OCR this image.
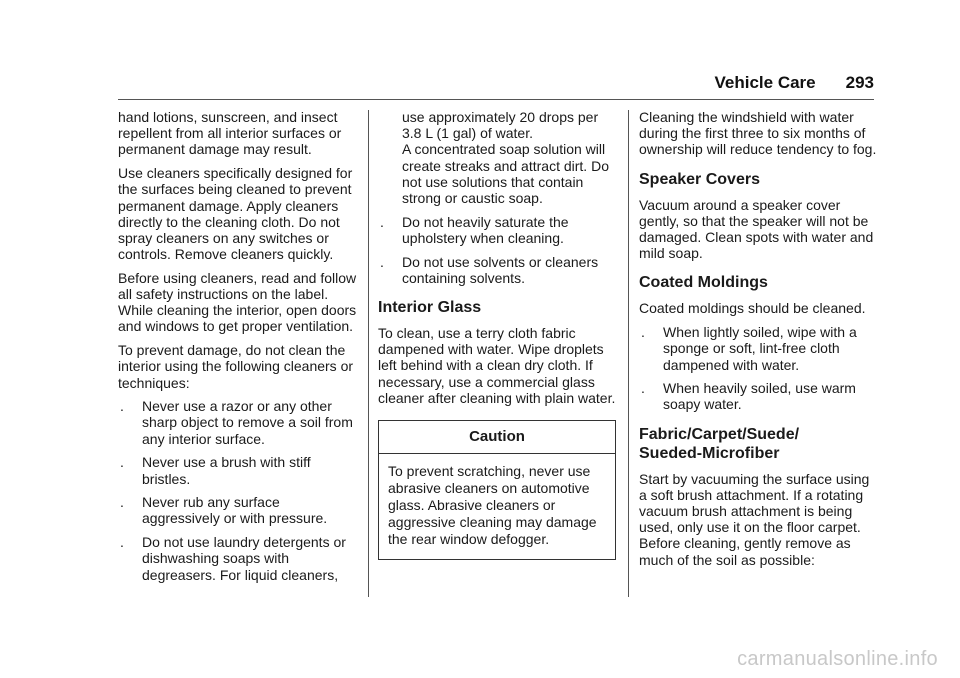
Vehicle Care 293

hand lotions, sunscreen, and insect repellent from all interior surfaces or permanent damage may result.

Use cleaners specifically designed for the surfaces being cleaned to prevent permanent damage. Apply cleaners directly to the cleaning cloth. Do not spray cleaners on any switches or controls. Remove cleaners quickly.

Before using cleaners, read and follow all safety instructions on the label. While cleaning the interior, open doors and windows to get proper ventilation.

To prevent damage, do not clean the interior using the following cleaners or techniques:

.	Never use a razor or any other sharp object to remove a soil from any interior surface.
.	Never use a brush with stiff bristles.
.	Never rub any surface aggressively or with pressure.
.	Do not use laundry detergents or dishwashing soaps with degreasers. For liquid cleaners,

use approximately 20 drops per 3.8 L (1 gal) of water.

A concentrated soap solution will create streaks and attract dirt. Do not use solutions that contain strong or caustic soap.

.	Do not heavily saturate the upholstery when cleaning.
.	Do not use solvents or cleaners containing solvents.
Interior Glass

To clean, use a terry cloth fabric dampened with water. Wipe droplets left behind with a clean dry cloth. If necessary, use a commercial glass cleaner after cleaning with plain water.

Caution
To prevent scratching, never use abrasive cleaners on automotive glass. Abrasive cleaners or aggressive cleaning may damage the rear window defogger.

Cleaning the windshield with water during the first three to six months of ownership will reduce tendency to fog.

Speaker Covers

Vacuum around a speaker cover gently, so that the speaker will not be damaged. Clean spots with water and mild soap.

Coated Moldings

Coated moldings should be cleaned.

.	When lightly soiled, wipe with a sponge or soft, lint-free cloth dampened with water.
.	When heavily soiled, use warm soapy water.
Fabric/Carpet/Suede/ Sueded-Microfiber

Start by vacuuming the surface using a soft brush attachment. If a rotating vacuum brush attachment is being used, only use it on the floor carpet. Before cleaning, gently remove as much of the soil as possible:

carmanualsonline.info
